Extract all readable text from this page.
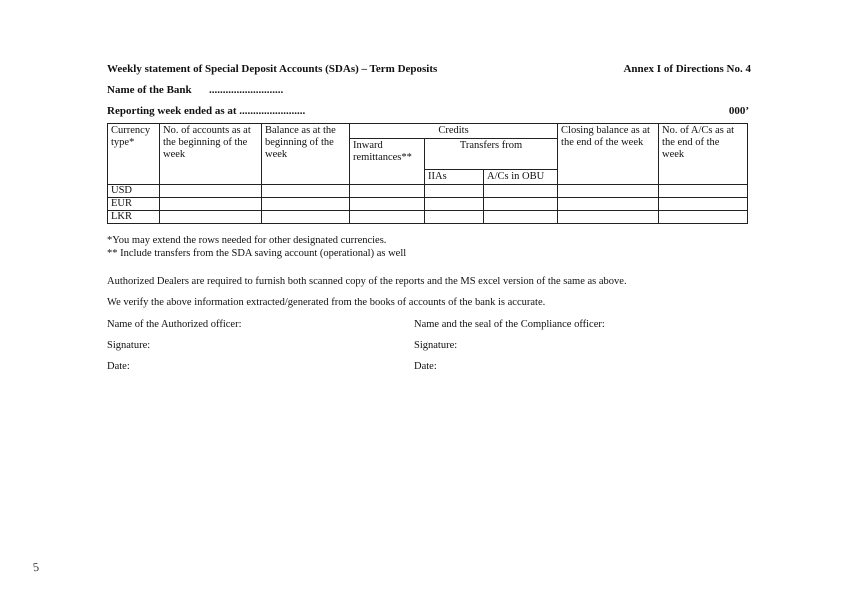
Weekly statement of Special Deposit Accounts (SDAs) – Term Deposits	Annex I of Directions No. 4
Name of the Bank ...........................
Reporting week ended as at ........................	000’
Currency type*	No. of accounts as at the beginning of the week	Balance as at the beginning of the week	Credits			Closing balance as at the end of the week	No. of A/Cs as at the end of the week
			Inward remittances**	Transfers from			
				IIAs	A/Cs in OBU		
USD							
EUR							
LKR							
*You may extend the rows needed for other designated currencies.
** Include transfers from the SDA saving account (operational) as well
Authorized Dealers are required to furnish both scanned copy of the reports and the MS excel version of the same as above.
We verify the above information extracted/generated from the books of accounts of the bank is accurate.
Name of the Authorized officer:	Name and the seal of the Compliance officer:
Signature:	Signature:
Date:	Date:
5
